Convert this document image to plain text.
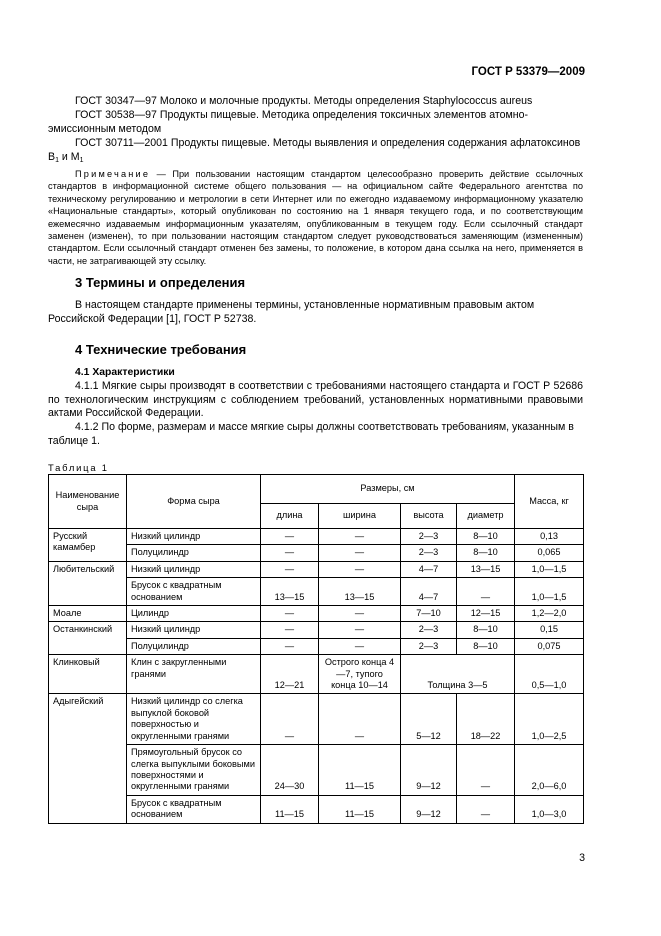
ГОСТ Р 53379—2009
ГОСТ 30347—97 Молоко и молочные продукты. Методы определения Staphylococcus aureus
ГОСТ 30538—97 Продукты пищевые. Методика определения токсичных элементов атомно-эмиссионным методом
ГОСТ 30711—2001 Продукты пищевые. Методы выявления и определения содержания афлатоксинов $B_1$ и $M_1$
Примечание — При пользовании настоящим стандартом целесообразно проверить действие ссылочных стандартов в информационной системе общего пользования — на официальном сайте Федерального агентства по техническому регулированию и метрологии в сети Интернет или по ежегодно издаваемому информационному указателю «Национальные стандарты», который опубликован по состоянию на 1 января текущего года, и по соответствующим ежемесячно издаваемым информационным указателям, опубликованным в текущем году. Если ссылочный стандарт заменен (изменен), то при пользовании настоящим стандартом следует руководствоваться заменяющим (измененным) стандартом. Если ссылочный стандарт отменен без замены, то положение, в котором дана ссылка на него, применяется в части, не затрагивающей эту ссылку.
3 Термины и определения
В настоящем стандарте применены термины, установленные нормативным правовым актом Российской Федерации [1], ГОСТ Р 52738.
4 Технические требования
4.1 Характеристики
4.1.1 Мягкие сыры производят в соответствии с требованиями настоящего стандарта и ГОСТ Р 52686 по технологическим инструкциям с соблюдением требований, установленных нормативными правовыми актами Российской Федерации.
4.1.2 По форме, размерам и массе мягкие сыры должны соответствовать требованиям, указанным в таблице 1.
Таблица 1
Наименование сыра	Форма сыра	Размеры, см				Масса, кг
		длина	ширина	высота	диаметр	
Русский камамбер	Низкий цилиндр	—	—	2—3	8—10	0,13
	Полуцилиндр	—	—	2—3	8—10	0,065
Любительский	Низкий цилиндр	—	—	4—7	13—15	1,0—1,5
	Брусок с квадратным основанием	13—15	13—15	4—7	—	1,0—1,5
Моале	Цилиндр	—	—	7—10	12—15	1,2—2,0
Останкинский	Низкий цилиндр	—	—	2—3	8—10	0,15
	Полуцилиндр	—	—	2—3	8—10	0,075
Клинковый	Клин с закругленными гранями	12—21	Острого конца 4—7, тупого конца 10—14	Толщина 3—5		0,5—1,0
Адыгейский	Низкий цилиндр со слегка выпуклой боковой поверхностью и округленными гранями	—	—	5—12	18—22	1,0—2,5
	Прямоугольный брусок со слегка выпуклыми боковыми поверхностями и округленными гранями	24—30	11—15	9—12	—	2,0—6,0
	Брусок с квадратным основанием	11—15	11—15	9—12	—	1,0—3,0
3
